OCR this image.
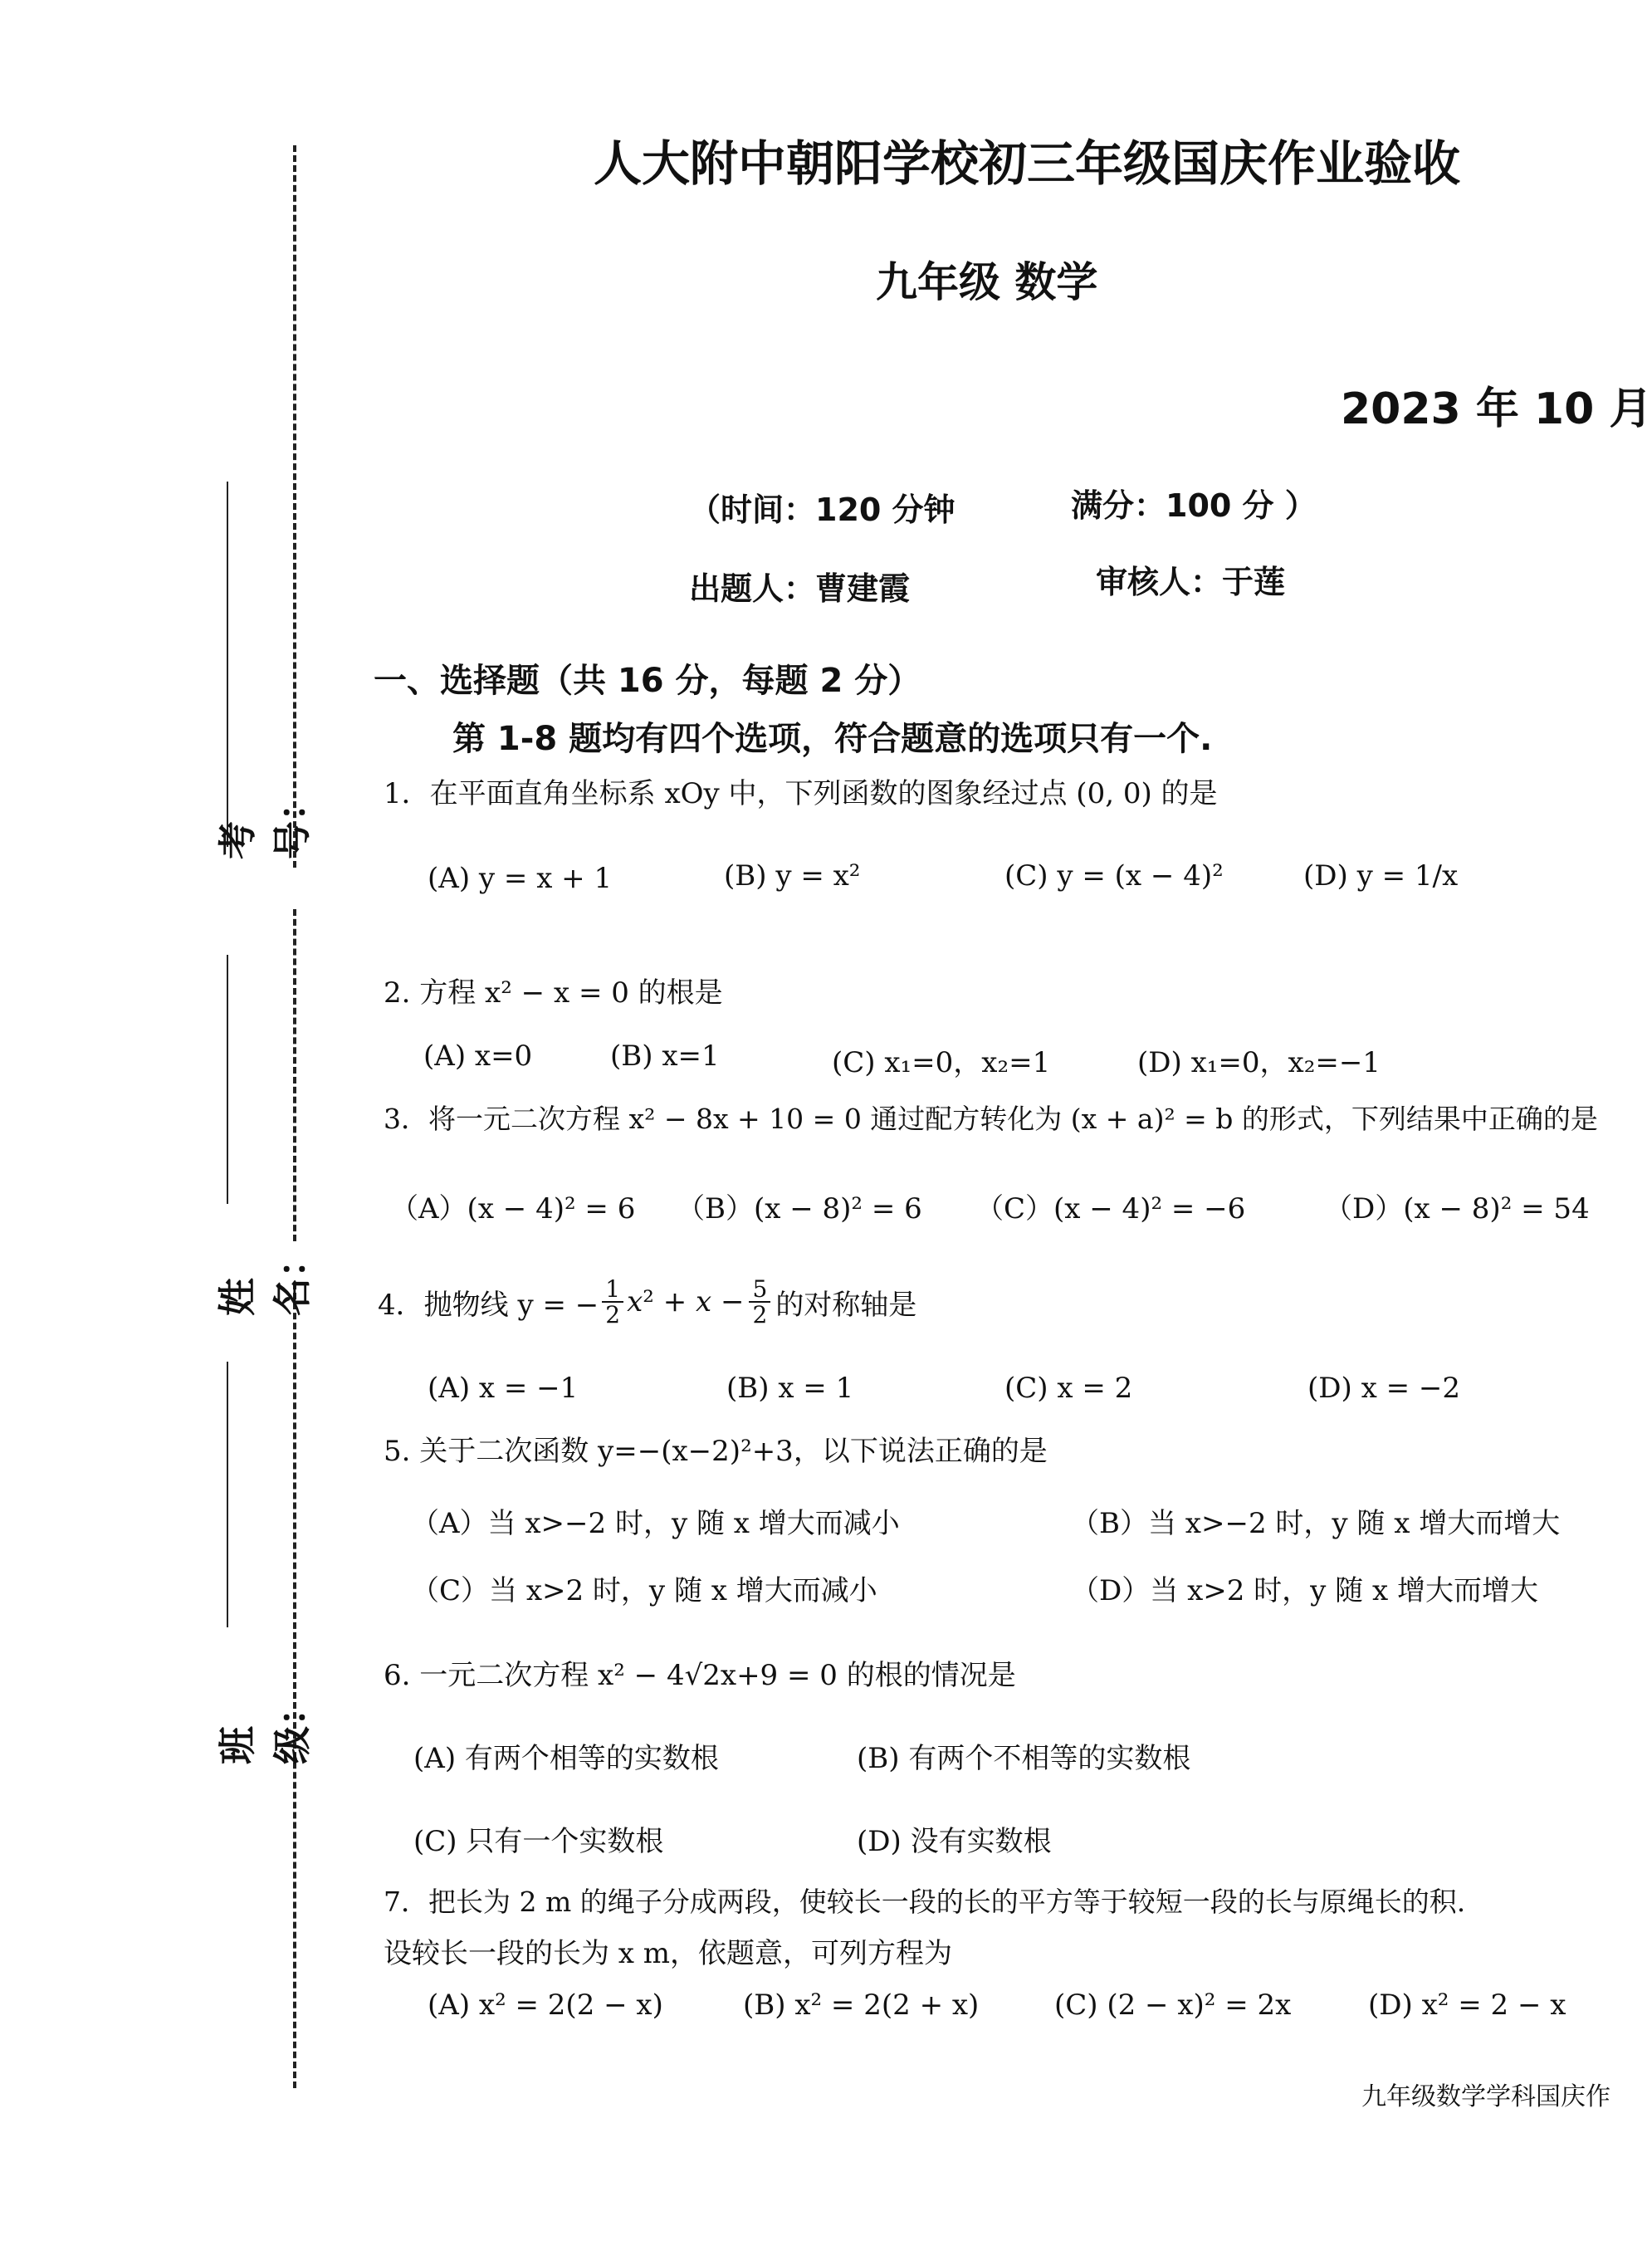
考号：
姓名：
班级：
人大附中朝阳学校初三年级国庆作业验收
九年级 数学
2023 年 10 月
（时间：120 分钟	满分：100 分 ）
出题人：曹建霞	审核人：于莲
一、选择题（共 16 分，每题 2 分）
第 1-8 题均有四个选项，符合题意的选项只有一个.
1．在平面直角坐标系 xOy 中，下列函数的图象经过点 (0, 0) 的是
(A) y = x + 1	(B) y = x²	(C) y = (x − 4)²	(D) y = 1/x
2. 方程 x² − x = 0 的根是
(A) x=0	(B) x=1	(C) x₁=0，x₂=1	(D) x₁=0，x₂=−1
3．将一元二次方程 x² − 8x + 10 = 0 通过配方转化为 (x + a)² = b 的形式，下列结果中正确的是
（A）(x − 4)² = 6 （B）(x − 8)² = 6 （C）(x − 4)² = −6	（D）(x − 8)² = 54
4．抛物线 y = − $\frac{1}{2} x^2 + x - \frac{5}{2}$ 的对称轴是
(A) x = −1	(B) x = 1	(C) x = 2	(D) x = −2
5. 关于二次函数 y=−(x−2)²+3，以下说法正确的是
（A）当 x>−2 时，y 随 x 增大而减小	（B）当 x>−2 时，y 随 x 增大而增大
（C）当 x>2 时，y 随 x 增大而减小	（D）当 x>2 时，y 随 x 增大而增大
6. 一元二次方程 x² − 4√2x+9 = 0 的根的情况是
(A) 有两个相等的实数根	(B) 有两个不相等的实数根
(C) 只有一个实数根	(D) 没有实数根
7．把长为 2 m 的绳子分成两段，使较长一段的长的平方等于较短一段的长与原绳长的积.
设较长一段的长为 x m，依题意，可列方程为
(A) x² = 2(2 − x)	(B) x² = 2(2 + x)	(C) (2 − x)² = 2x	(D) x² = 2 − x
九年级数学学科国庆作
